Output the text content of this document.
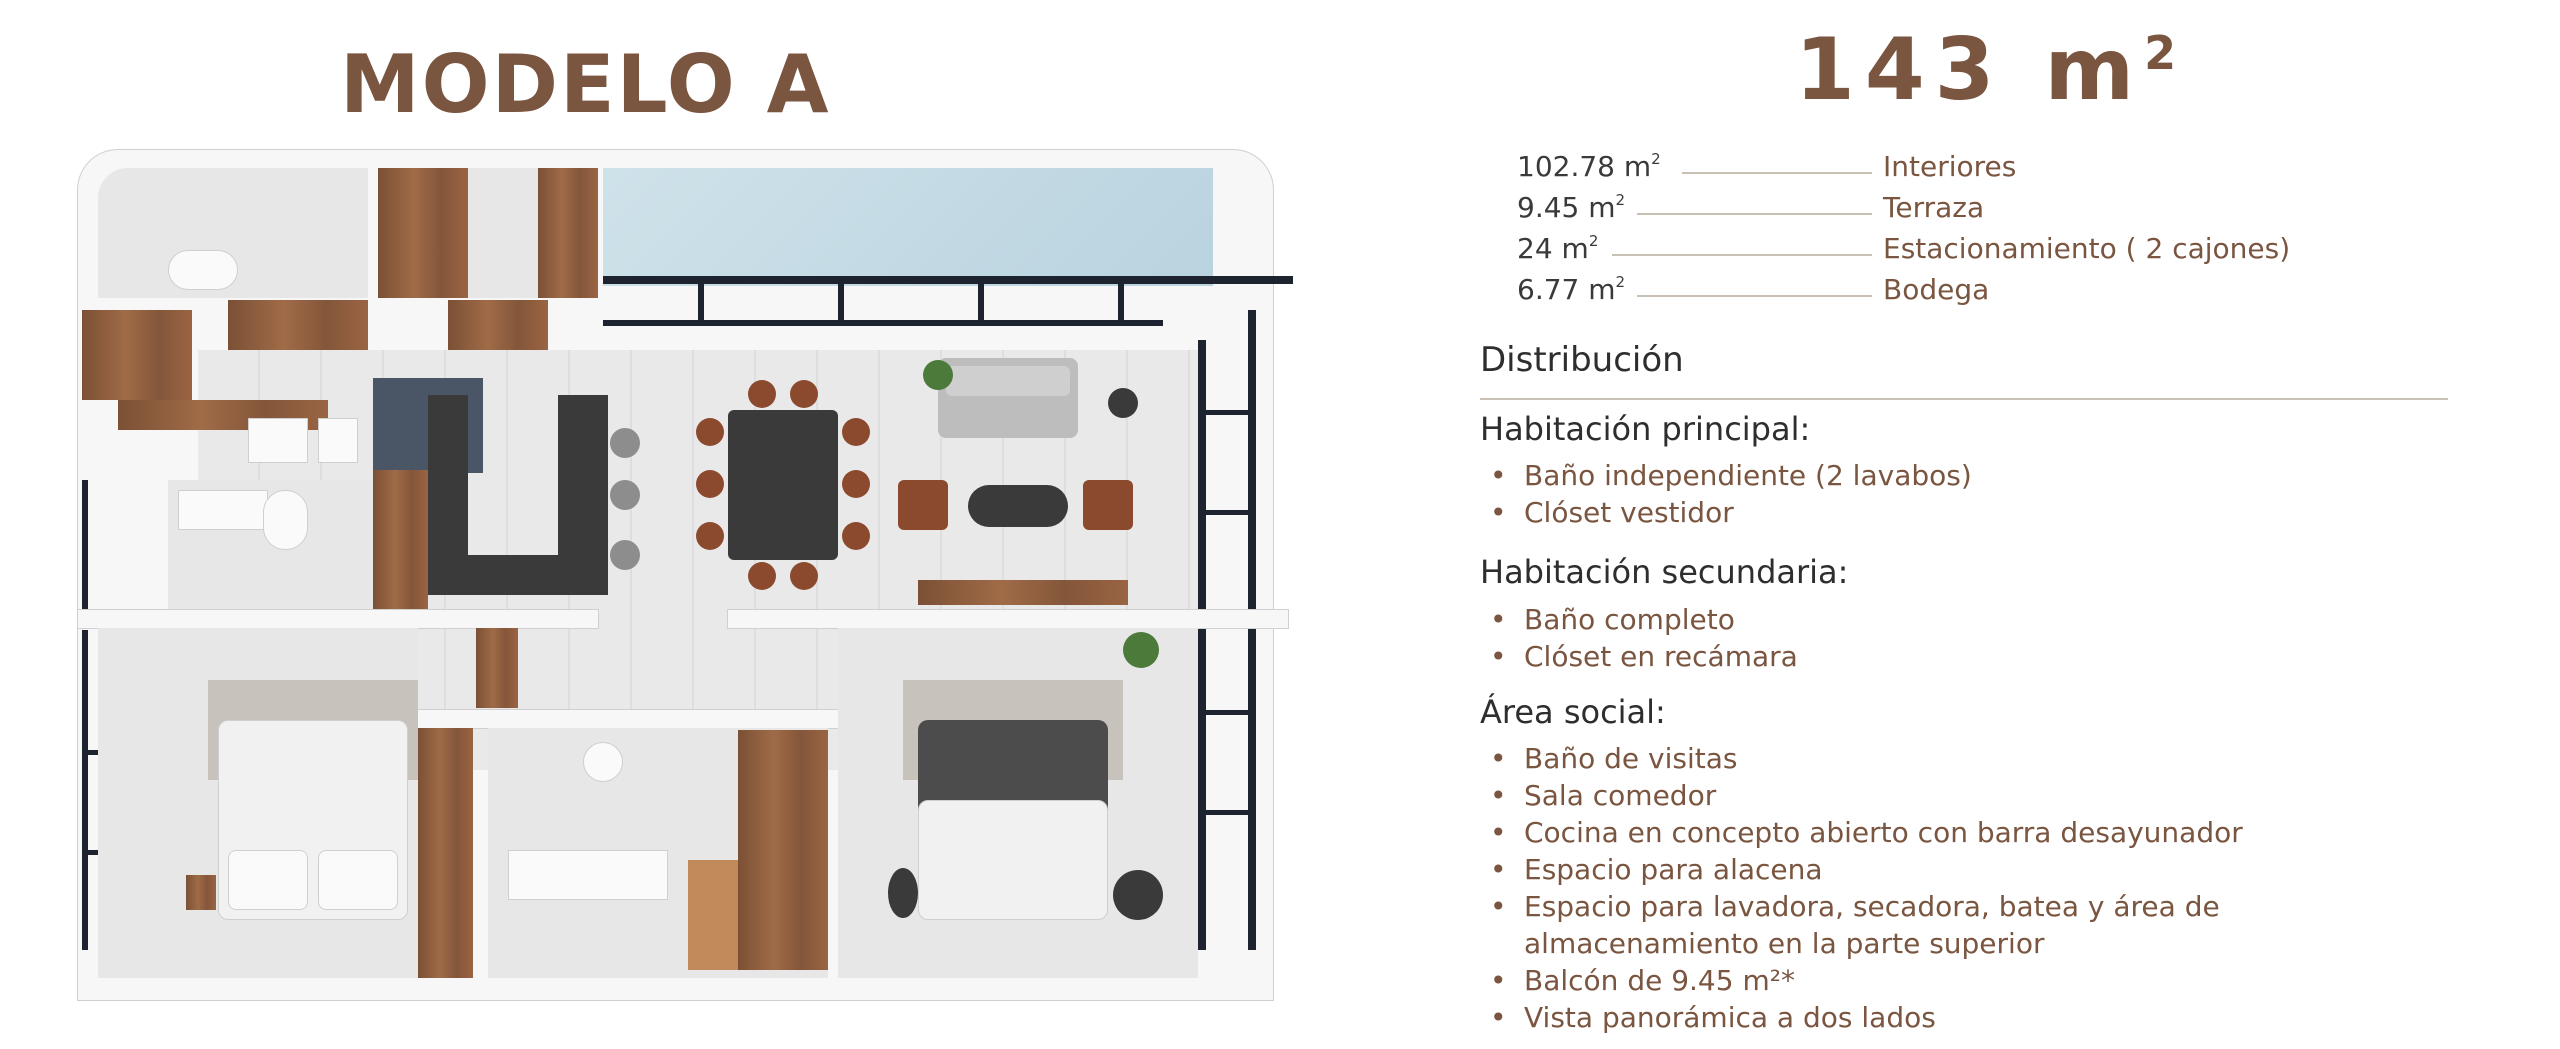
MODELO A	143 $m^2$
102.78 $m^2$	Interiores
9.45 $m^2$	Terraza
24 $m^2$	Estacionamiento ( 2 cajones)
6.77 $m^2$	Bodega
Distribución
Habitación principal:
• Baño independiente (2 lavabos)
• Clóset vestidor
Habitación secundaria:
• Baño completo
• Clóset en recámara
Área social:
• Baño de visitas
• Sala comedor
• Cocina en concepto abierto con barra desayunador
• Espacio para alacena
• Espacio para lavadora, secadora, batea y área de almacenamiento en la parte superior
• Balcón de 9.45 m²*
• Vista panorámica a dos lados
